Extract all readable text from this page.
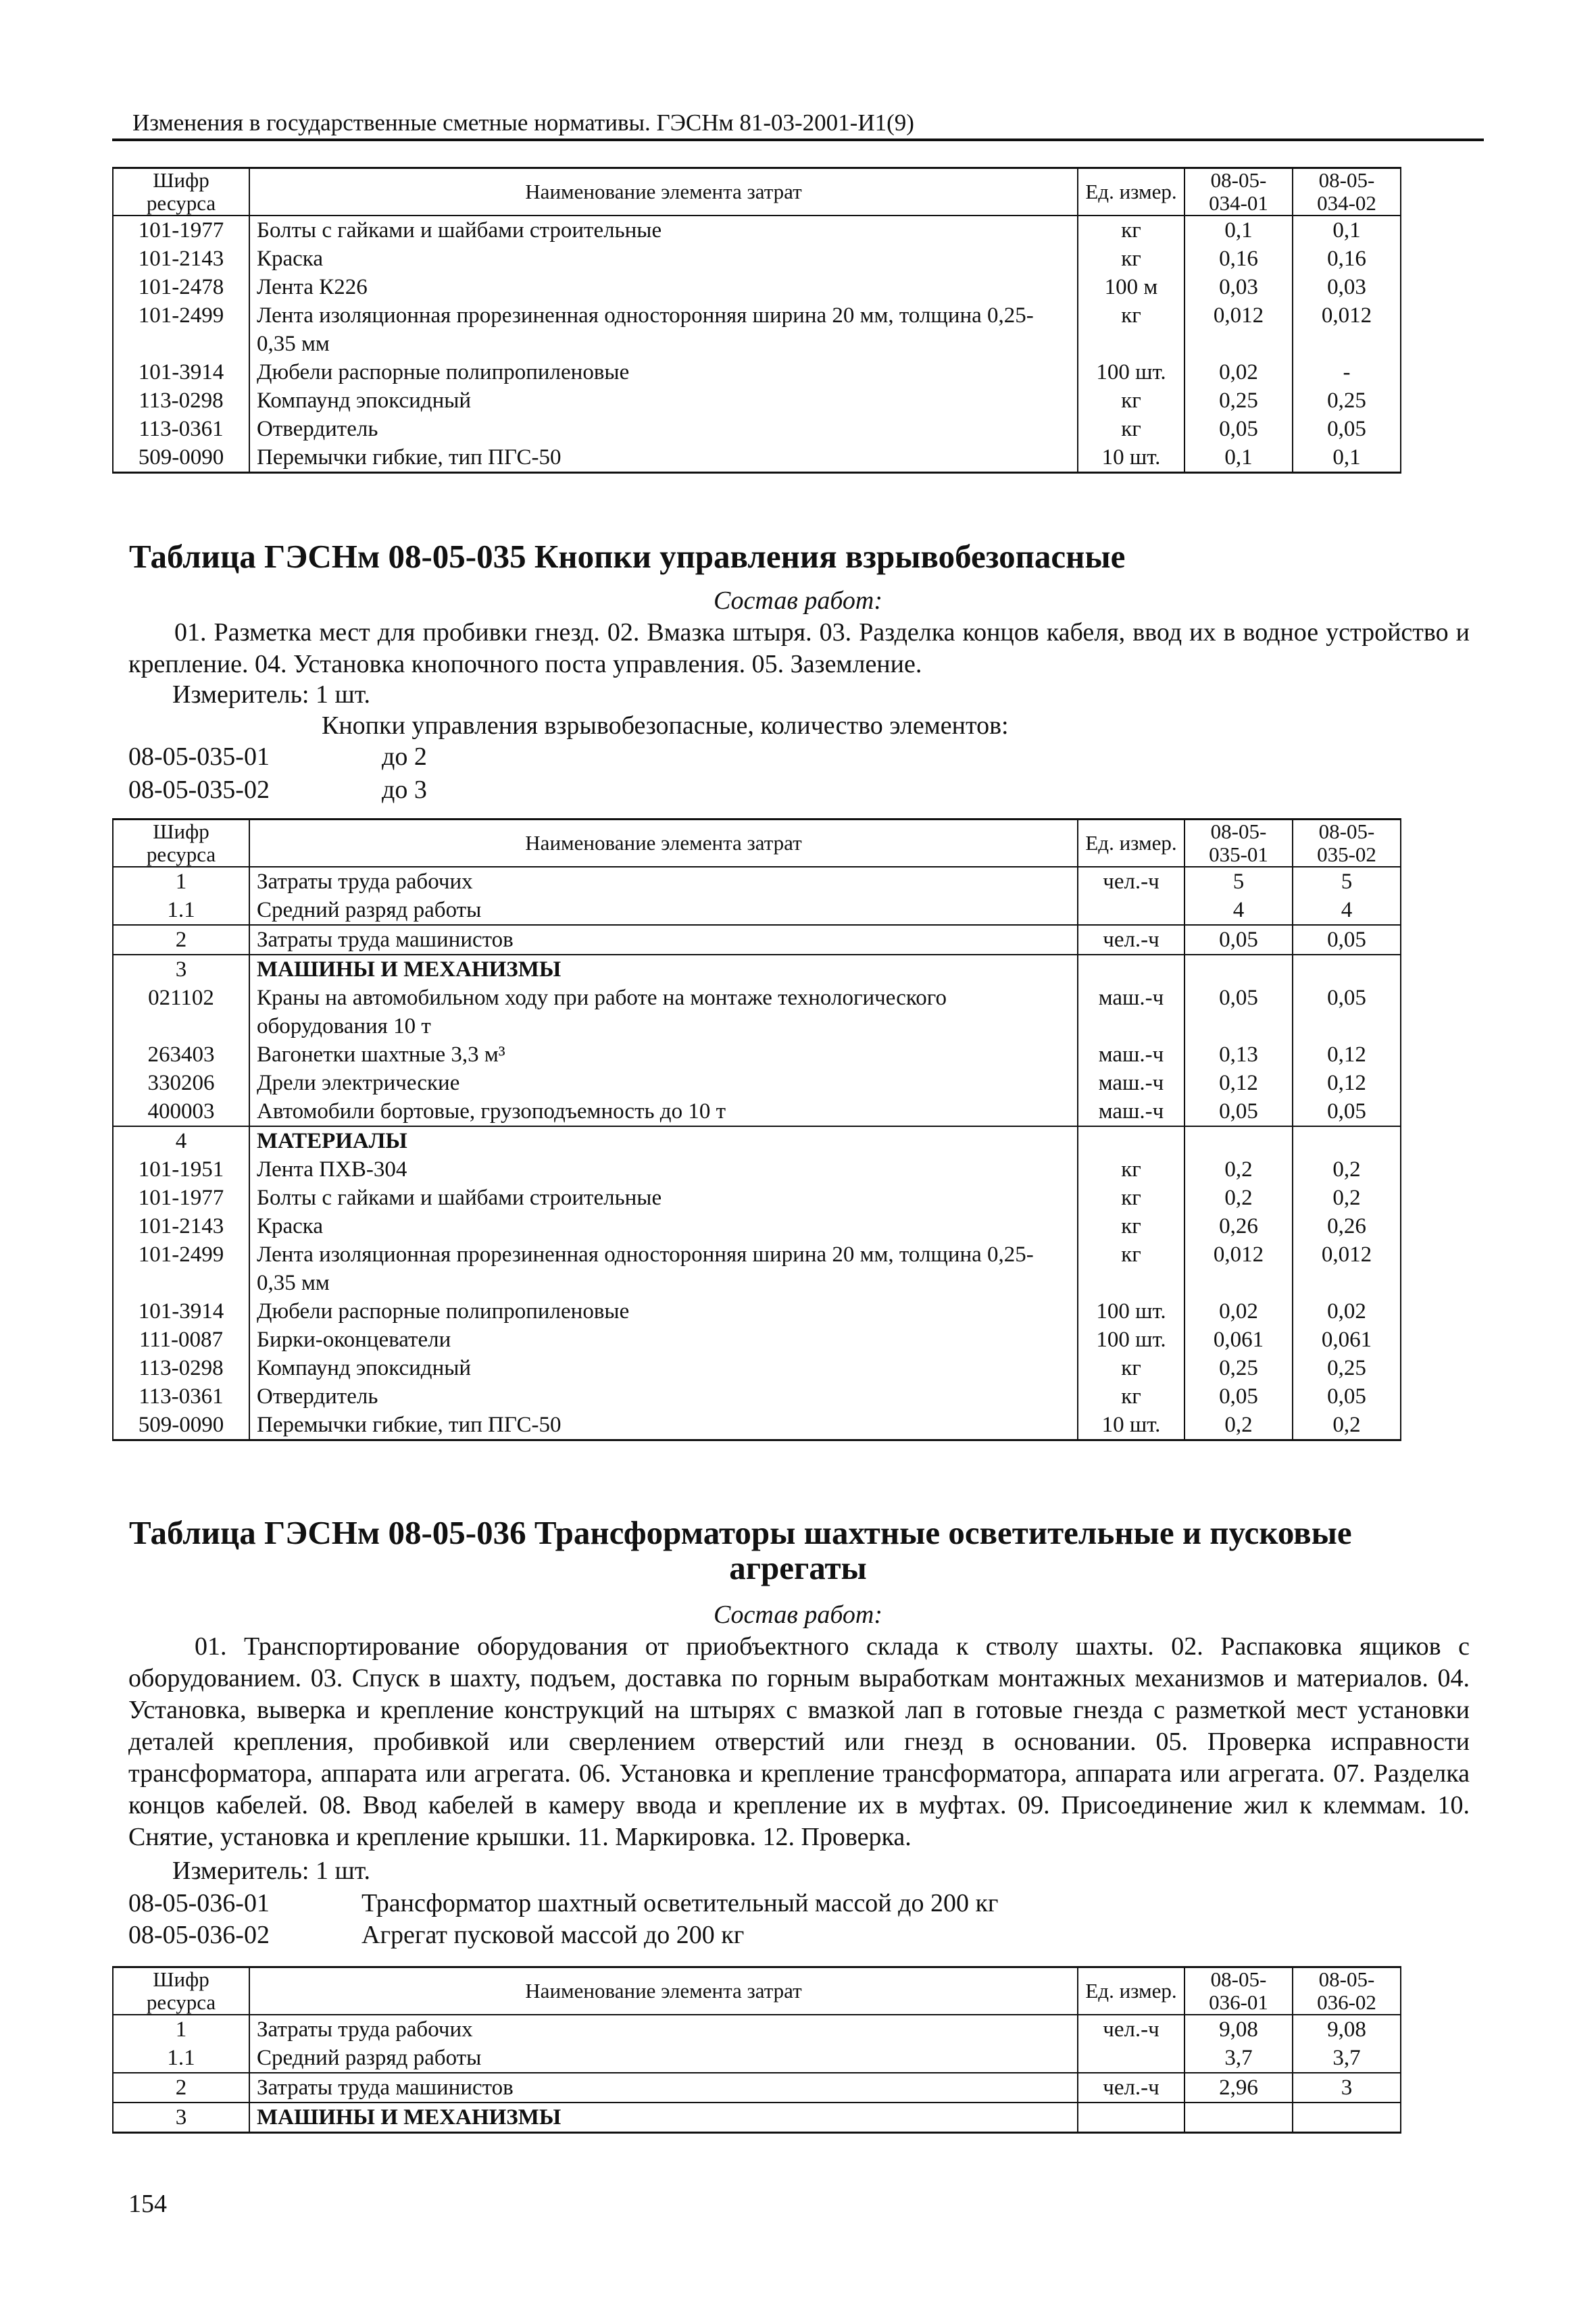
Изменения в государственные сметные нормативы. ГЭСНм 81-03-2001-И1(9)
Шифр ресурса	Наименование элемента затрат	Ед. измер.	08-05-034-01	08-05-034-02
101-1977	Болты с гайками и шайбами строительные	кг	0,1	0,1
101-2143	Краска	кг	0,16	0,16
101-2478	Лента К226	100 м	0,03	0,03
101-2499	Лента изоляционная прорезиненная односторонняя ширина 20 мм, толщина 0,25-0,35 мм	кг	0,012	0,012
101-3914	Дюбели распорные полипропиленовые	100 шт.	0,02	-
113-0298	Компаунд эпоксидный	кг	0,25	0,25
113-0361	Отвердитель	кг	0,05	0,05
509-0090	Перемычки гибкие, тип ПГС-50	10 шт.	0,1	0,1
Таблица ГЭСНм 08-05-035 Кнопки управления взрывобезопасные
Состав работ:
01. Разметка мест для пробивки гнезд. 02. Вмазка штыря. 03. Разделка концов кабеля, ввод их в водное устройство и крепление. 04. Установка кнопочного поста управления. 05. Заземление.
Измеритель: 1 шт.
Кнопки управления взрывобезопасные, количество элементов:
08-05-035-01	до 2
08-05-035-02	до 3
Шифр ресурса	Наименование элемента затрат	Ед. измер.	08-05-035-01	08-05-035-02
1	Затраты труда рабочих	чел.-ч	5	5
1.1	Средний разряд работы		4	4
2	Затраты труда машинистов	чел.-ч	0,05	0,05
3	МАШИНЫ И МЕХАНИЗМЫ			
021102	Краны на автомобильном ходу при работе на монтаже технологического оборудования 10 т	маш.-ч	0,05	0,05
263403	Вагонетки шахтные 3,3 м³	маш.-ч	0,13	0,12
330206	Дрели электрические	маш.-ч	0,12	0,12
400003	Автомобили бортовые, грузоподъемность до 10 т	маш.-ч	0,05	0,05
4	МАТЕРИАЛЫ			
101-1951	Лента ПХВ-304	кг	0,2	0,2
101-1977	Болты с гайками и шайбами строительные	кг	0,2	0,2
101-2143	Краска	кг	0,26	0,26
101-2499	Лента изоляционная прорезиненная односторонняя ширина 20 мм, толщина 0,25-0,35 мм	кг	0,012	0,012
101-3914	Дюбели распорные полипропиленовые	100 шт.	0,02	0,02
111-0087	Бирки-оконцеватели	100 шт.	0,061	0,061
113-0298	Компаунд эпоксидный	кг	0,25	0,25
113-0361	Отвердитель	кг	0,05	0,05
509-0090	Перемычки гибкие, тип ПГС-50	10 шт.	0,2	0,2
Таблица ГЭСНм 08-05-036 Трансформаторы шахтные осветительные и пусковые
агрегаты
Состав работ:
01. Транспортирование оборудования от приобъектного склада к стволу шахты. 02. Распаковка ящиков с оборудованием. 03. Спуск в шахту, подъем, доставка по горным выработкам монтажных механизмов и материалов. 04. Установка, выверка и крепление конструкций на штырях с вмазкой лап в готовые гнезда с разметкой мест установки деталей крепления, пробивкой или сверлением отверстий или гнезд в основании. 05. Проверка исправности трансформатора, аппарата или агрегата. 06. Установка и крепление трансформатора, аппарата или агрегата. 07. Разделка концов кабелей. 08. Ввод кабелей в камеру ввода и крепление их в муфтах. 09. Присоединение жил к клеммам. 10. Снятие, установка и крепление крышки. 11. Маркировка. 12. Проверка.
Измеритель: 1 шт.
08-05-036-01	Трансформатор шахтный осветительный массой до 200 кг
08-05-036-02	Агрегат пусковой массой до 200 кг
Шифр ресурса	Наименование элемента затрат	Ед. измер.	08-05-036-01	08-05-036-02
1	Затраты труда рабочих	чел.-ч	9,08	9,08
1.1	Средний разряд работы		3,7	3,7
2	Затраты труда машинистов	чел.-ч	2,96	3
3	МАШИНЫ И МЕХАНИЗМЫ			
154
